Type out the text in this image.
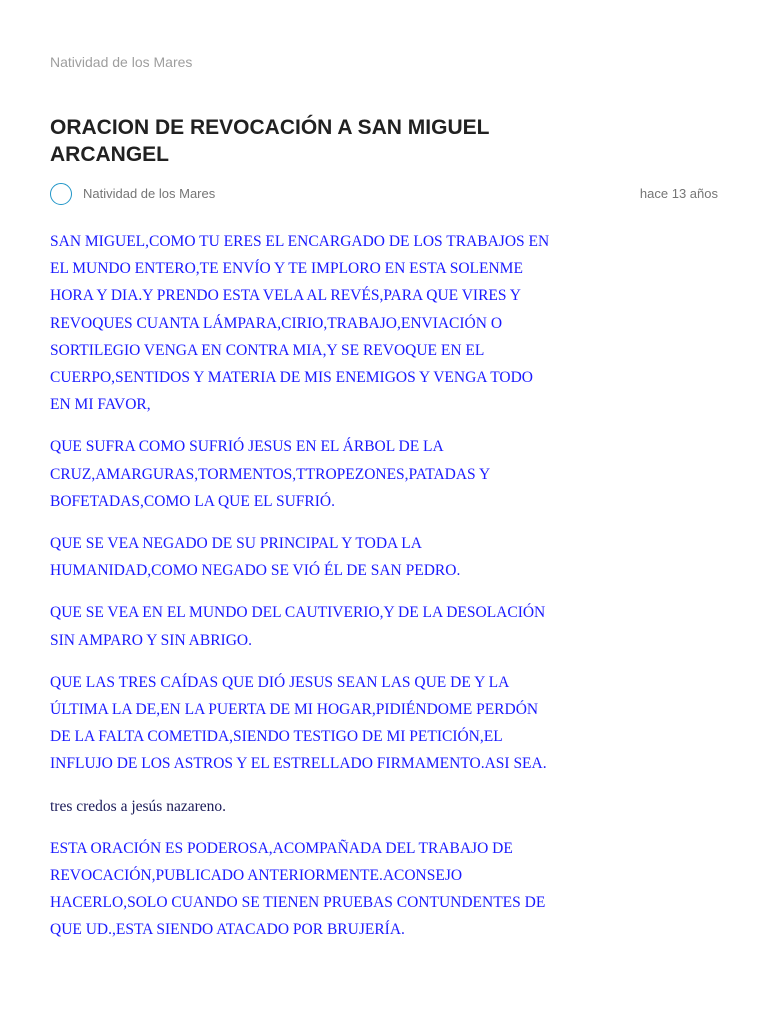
Natividad de los Mares
ORACION DE REVOCACIÓN A SAN MIGUEL ARCANGEL
Natividad de los Mares	hace 13 años

SAN MIGUEL,COMO TU ERES EL ENCARGADO DE LOS TRABAJOS EN EL MUNDO ENTERO,TE ENVÍO Y TE IMPLORO EN ESTA SOLENME HORA Y DIA.Y PRENDO ESTA VELA AL REVÉS,PARA QUE VIRES Y REVOQUES CUANTA LÁMPARA,CIRIO,TRABAJO,ENVIACIÓN O SORTILEGIO VENGA EN CONTRA MIA,Y SE REVOQUE EN EL CUERPO,SENTIDOS Y MATERIA DE MIS ENEMIGOS Y VENGA TODO EN MI FAVOR,

QUE SUFRA COMO SUFRIÓ JESUS EN EL ÁRBOL DE LA CRUZ,AMARGURAS,TORMENTOS,TTROPEZONES,PATADAS Y BOFETADAS,COMO LA QUE EL SUFRIÓ.

QUE SE VEA NEGADO DE SU PRINCIPAL Y TODA LA HUMANIDAD,COMO NEGADO SE VIÓ ÉL DE SAN PEDRO.

QUE SE VEA EN EL MUNDO DEL CAUTIVERIO,Y DE LA DESOLACIÓN SIN AMPARO Y SIN ABRIGO.

QUE LAS TRES CAÍDAS QUE DIÓ JESUS SEAN LAS QUE DE Y LA ÚLTIMA LA DE,EN LA PUERTA DE MI HOGAR,PIDIÉNDOME PERDÓN DE LA FALTA COMETIDA,SIENDO TESTIGO DE MI PETICIÓN,EL INFLUJO DE LOS ASTROS Y EL ESTRELLADO FIRMAMENTO.ASI SEA.

tres credos a jesús nazareno.

ESTA ORACIÓN ES PODEROSA,ACOMPAÑADA DEL TRABAJO DE REVOCACIÓN,PUBLICADO ANTERIORMENTE.ACONSEJO HACERLO,SOLO CUANDO SE TIENEN PRUEBAS CONTUNDENTES DE QUE UD.,ESTA SIENDO ATACADO POR BRUJERÍA.
